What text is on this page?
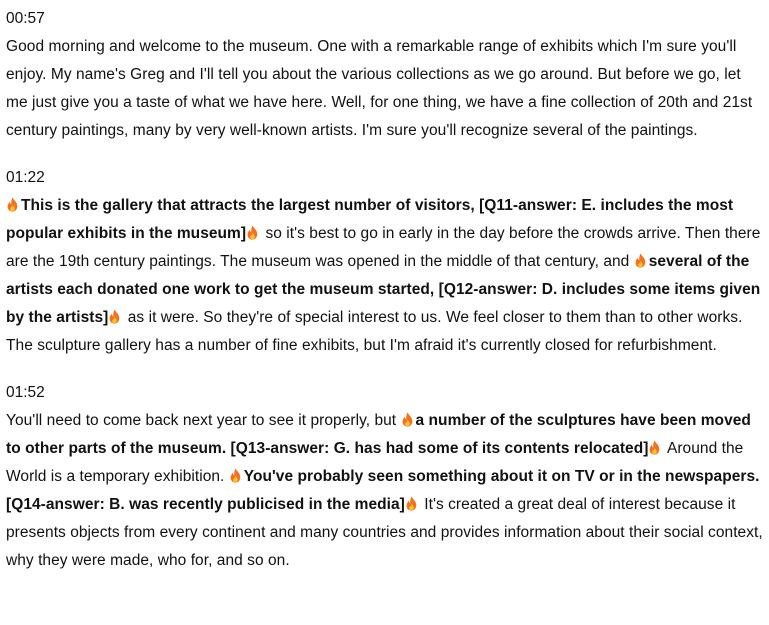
00:57

Good morning and welcome to the museum. One with a remarkable range of exhibits which I'm sure you'll enjoy. My name's Greg and I'll tell you about the various collections as we go around. But before we go, let me just give you a taste of what we have here. Well, for one thing, we have a fine collection of 20th and 21st century paintings, many by very well-known artists. I'm sure you'll recognize several of the paintings.

01:22

This is the gallery that attracts the largest number of visitors, [Q11-answer: E. includes the most popular exhibits in the museum]
so it's best to go in early in the day before the crowds arrive. Then there are the 19th century paintings. The museum was opened in the middle of that century, and
several of the artists each donated one work to get the museum started, [Q12-answer: D. includes some items given by the artists]
as it were. So they're of special interest to us. We feel closer to them than to other works. The sculpture gallery has a number of fine exhibits, but I'm afraid it's currently closed for refurbishment.

01:52

You'll need to come back next year to see it properly, but
a number of the sculptures have been moved to other parts of the museum. [Q13-answer: G. has had some of its contents relocated]
Around the World is a temporary exhibition.
You've probably seen something about it on TV or in the newspapers. [Q14-answer: B. was recently publicised in the media]
It's created a great deal of interest because it presents objects from every continent and many countries and provides information about their social context, why they were made, who for, and so on.
